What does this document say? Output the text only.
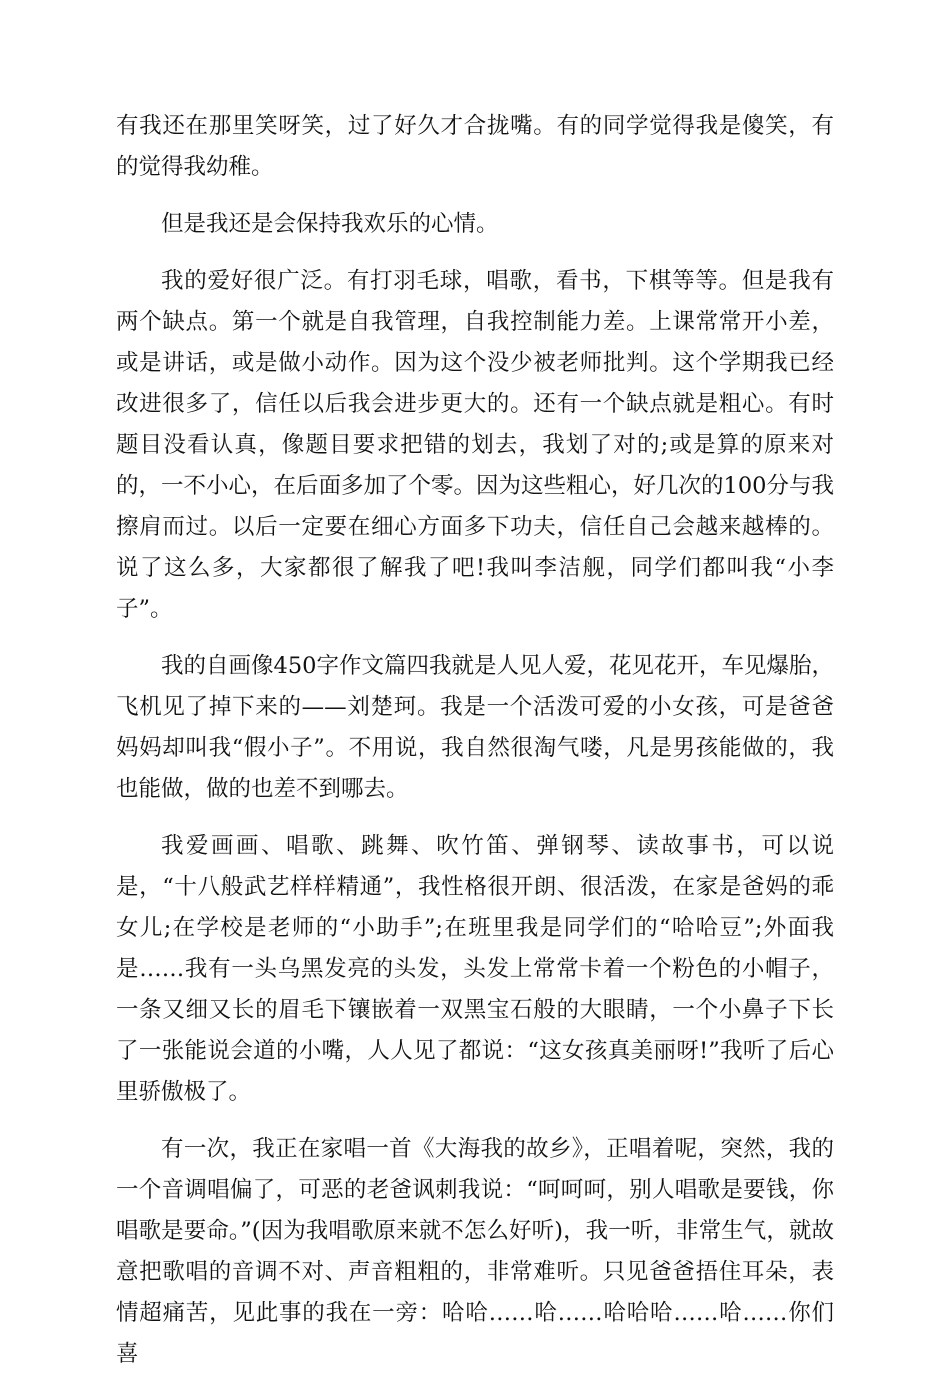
有我还在那里笑呀笑，过了好久才合拢嘴。有的同学觉得我是傻笑，有的觉得我幼稚。

但是我还是会保持我欢乐的心情。

我的爱好很广泛。有打羽毛球，唱歌，看书，下棋等等。但是我有两个缺点。第一个就是自我管理，自我控制能力差。上课常常开小差，或是讲话，或是做小动作。因为这个没少被老师批判。这个学期我已经改进很多了，信任以后我会进步更大的。还有一个缺点就是粗心。有时题目没看认真，像题目要求把错的划去，我划了对的;或是算的原来对的，一不小心，在后面多加了个零。因为这些粗心，好几次的100分与我擦肩而过。以后一定要在细心方面多下功夫，信任自己会越来越棒的。说了这么多，大家都很了解我了吧!我叫李洁舰，同学们都叫我“小李子”。

我的自画像450字作文篇四我就是人见人爱，花见花开，车见爆胎，飞机见了掉下来的——刘楚珂。我是一个活泼可爱的小女孩，可是爸爸妈妈却叫我“假小子”。不用说，我自然很淘气喽，凡是男孩能做的，我也能做，做的也差不到哪去。

我爱画画、唱歌、跳舞、吹竹笛、弹钢琴、读故事书，可以说是，“十八般武艺样样精通”，我性格很开朗、很活泼，在家是爸妈的乖女儿;在学校是老师的“小助手”;在班里我是同学们的“哈哈豆”;外面我是……我有一头乌黑发亮的头发，头发上常常卡着一个粉色的小帽子，一条又细又长的眉毛下镶嵌着一双黑宝石般的大眼睛，一个小鼻子下长了一张能说会道的小嘴，人人见了都说：“这女孩真美丽呀!”我听了后心里骄傲极了。

有一次，我正在家唱一首《大海我的故乡》，正唱着呢，突然，我的一个音调唱偏了，可恶的老爸讽刺我说：“呵呵呵，别人唱歌是要钱，你唱歌是要命。”(因为我唱歌原来就不怎么好听)，我一听，非常生气，就故意把歌唱的音调不对、声音粗粗的，非常难听。只见爸爸捂住耳朵，表情超痛苦，见此事的我在一旁：哈哈……哈……哈哈哈……哈……你们喜
